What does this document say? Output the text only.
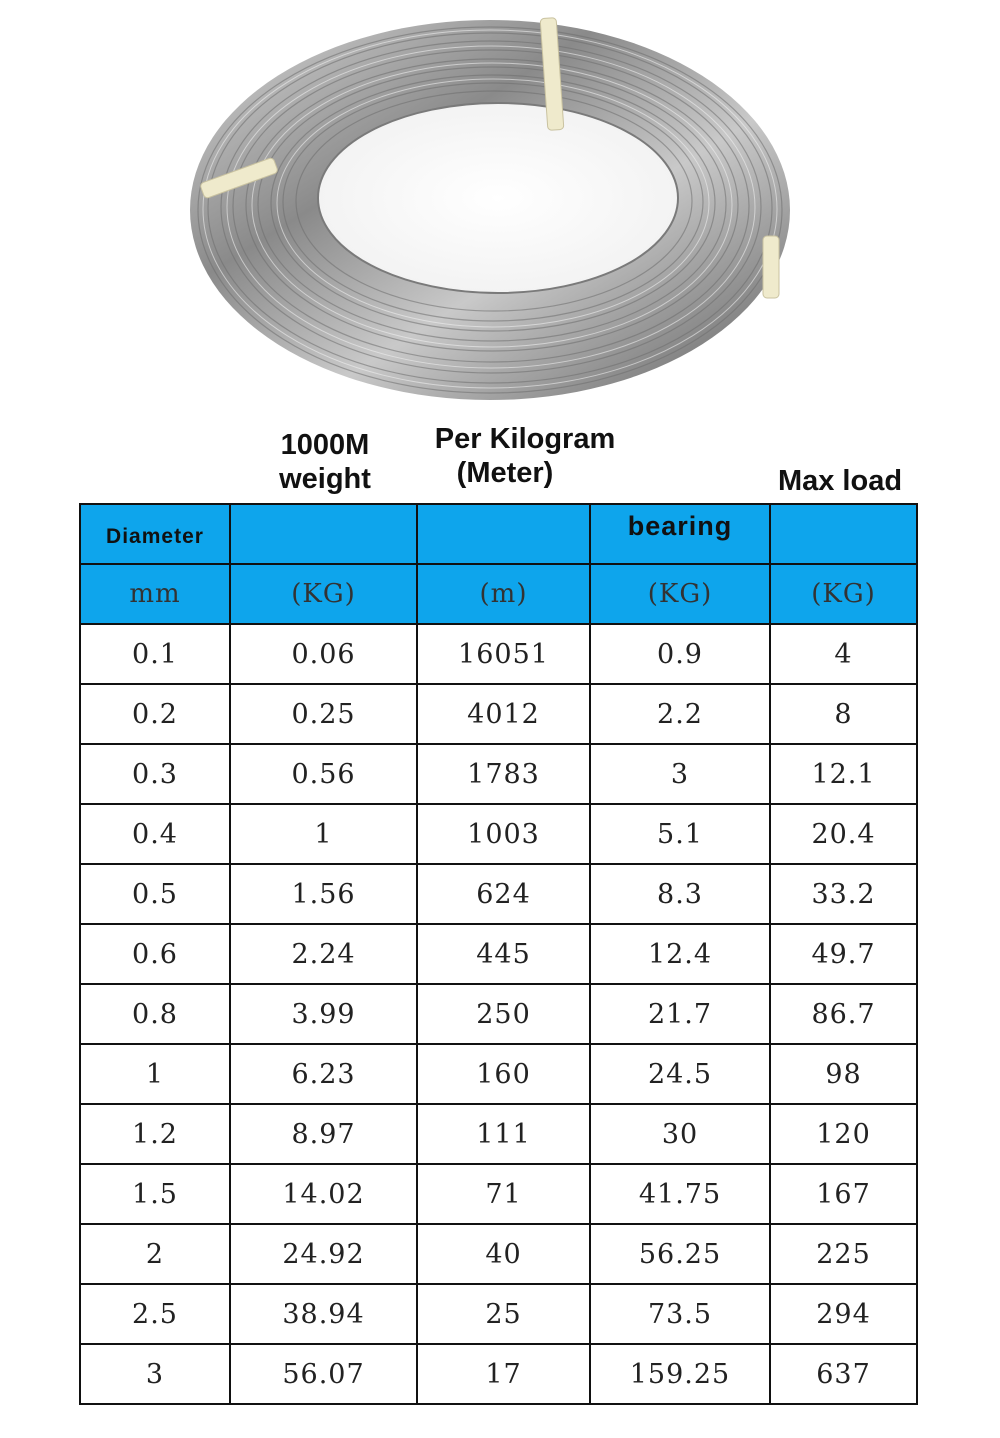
1000M
weight
Per Kilogram
(Meter)	Max load
Diameter			bearing	
mm	(KG)	(m)	(KG)	(KG)
0.1	0.06	16051	0.9	4
0.2	0.25	4012	2.2	8
0.3	0.56	1783	3	12.1
0.4	1	1003	5.1	20.4
0.5	1.56	624	8.3	33.2
0.6	2.24	445	12.4	49.7
0.8	3.99	250	21.7	86.7
1	6.23	160	24.5	98
1.2	8.97	111	30	120
1.5	14.02	71	41.75	167
2	24.92	40	56.25	225
2.5	38.94	25	73.5	294
3	56.07	17	159.25	637
